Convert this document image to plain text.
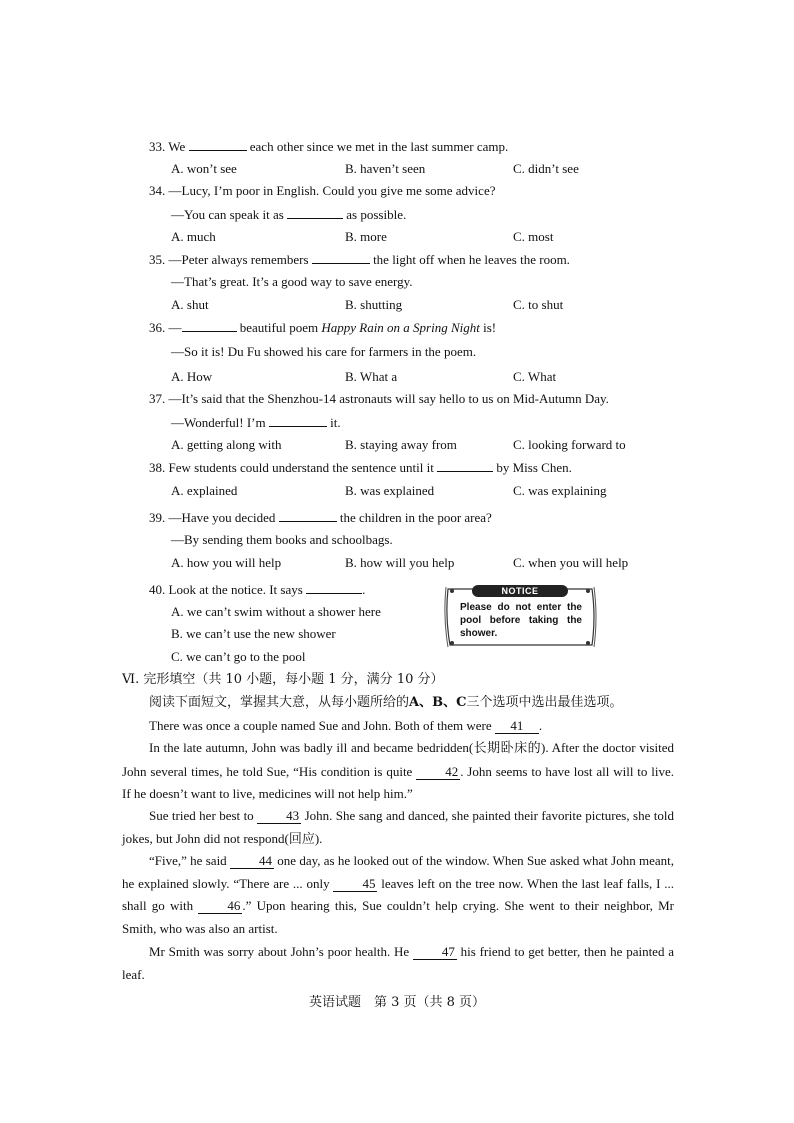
33. We	each other since we met in the last summer camp.
A. won’t see	B. haven’t seen	C. didn’t see
34. —Lucy, I’m poor in English. Could you give me some advice?
—You can speak it as	as possible.
A. much	B. more	C. most
35. —Peter always remembers	the light off when he leaves the room.
—That’s great. It’s a good way to save energy.
A. shut	B. shutting	C. to shut
36. —	beautiful poem Happy Rain on a Spring Night is!
—So it is! Du Fu showed his care for farmers in the poem.
A. How	B. What a	C. What
37. —It’s said that the Shenzhou-14 astronauts will say hello to us on Mid-Autumn Day.
—Wonderful! I’m	it.
A. getting along with	B. staying away from	C. looking forward to
38. Few students could understand the sentence until it	by Miss Chen.
A. explained	B. was explained	C. was explaining
39. —Have you decided	the children in the poor area?
—By sending them books and schoolbags.
A. how you will help	B. how will you help	C. when you will help
40. Look at the notice. It says	.
A. we can’t swim without a shower here
B. we can’t use the new shower
C. we can’t go to the pool
NOTICE
Please do not enter the pool before taking the shower.
Ⅵ. 完形填空（共 10 小题，每小题 1 分，满分 10 分）
阅读下面短文，掌握其大意，从每小题所给的A、B、C三个选项中选出最佳选项。
There was once a couple named Sue and John. Both of them were 41 .
In the late autumn, John was badly ill and became bedridden(长期卧床的). After the doctor visited John several times, he told Sue, “His condition is quite	42 . John seems to have lost all will to live. If he doesn’t want to live, medicines will not help him.”
Sue tried her best to 43 John. She sang and danced, she painted their favorite pictures, she told jokes, but John did not respond(回应).
“Five,” he said 44 one day, as he looked out of the window. When Sue asked what John meant, he explained slowly. “There are ... only	45 leaves left on the tree now. When the last leaf falls, I ... shall go with	46 .” Upon hearing this, Sue couldn’t help crying. She went to their neighbor, Mr Smith, who was also an artist.
Mr Smith was sorry about John’s poor health. He	47 his friend to get better, then he painted a leaf.
英语试题　第 3 页（共 8 页）
